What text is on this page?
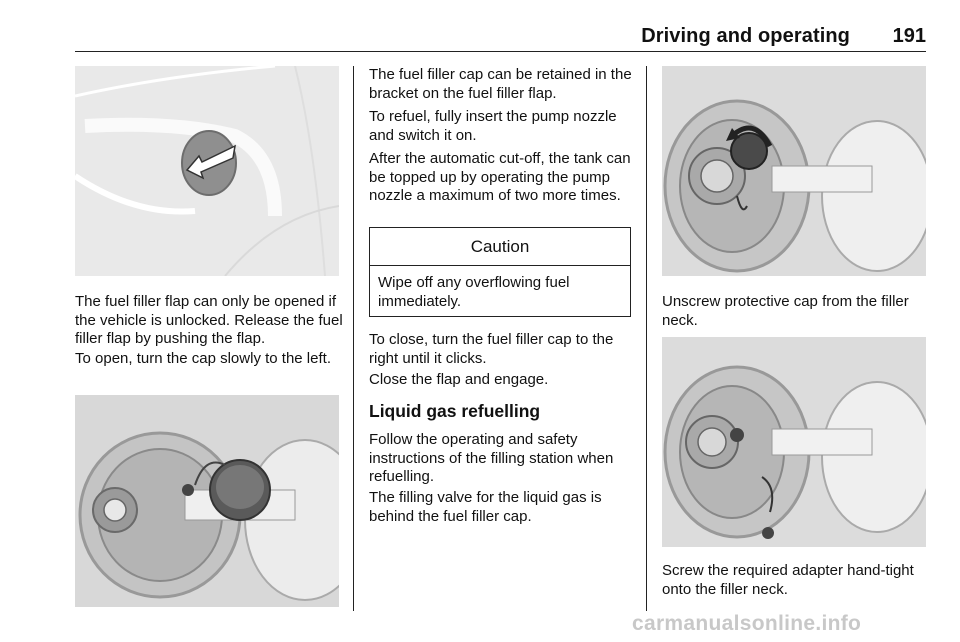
Driving and operating	191

The fuel filler flap can only be opened if the vehicle is unlocked. Release the fuel filler flap by pushing the flap.

To open, turn the cap slowly to the left.

The fuel filler cap can be retained in the bracket on the fuel filler flap.

To refuel, fully insert the pump nozzle and switch it on.

After the automatic cut-off, the tank can be topped up by operating the pump nozzle a maximum of two more times.

Caution

Wipe off any overflowing fuel immediately.

To close, turn the fuel filler cap to the right until it clicks.

Close the flap and engage.

Liquid gas refuelling

Follow the operating and safety instructions of the filling station when refuelling.

The filling valve for the liquid gas is behind the fuel filler cap.

Unscrew protective cap from the filler neck.

Screw the required adapter hand-tight onto the filler neck.

carmanualsonline.info
